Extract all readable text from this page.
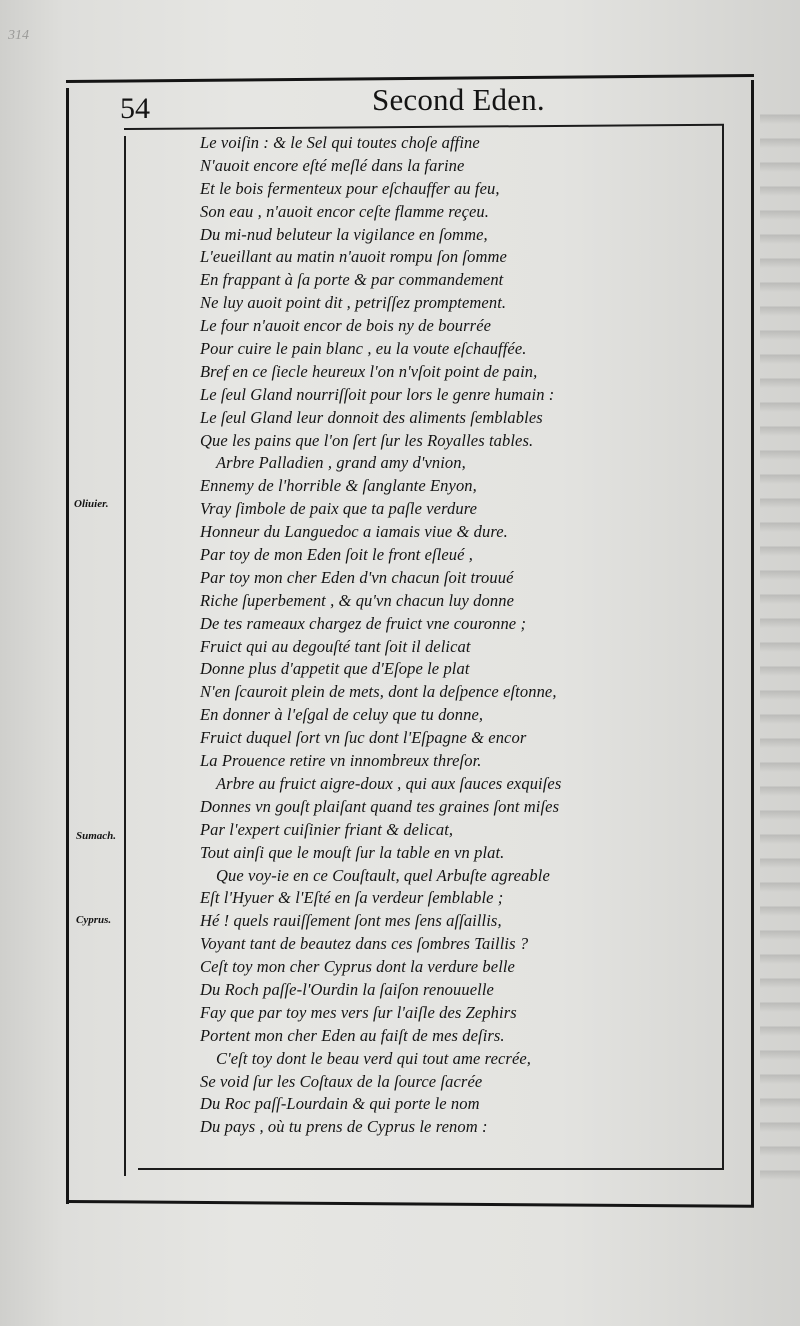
314
54	Second Eden.
Oliuier.
Sumach.
Cyprus.
Le voiſin : & le Sel qui toutes choſe affine
N'auoit encore eſté meſlé dans la farine
Et le bois fermenteux pour eſchauffer au feu,
Son eau , n'auoit encor ceſte flamme reçeu.
Du mi-nud beluteur la vigilance en ſomme,
L'eueillant au matin n'auoit rompu ſon ſomme
En frappant à ſa porte & par commandement
Ne luy auoit point dit , petriſſez promptement.
Le four n'auoit encor de bois ny de bourrée
Pour cuire le pain blanc , eu la voute eſchauffée.
Bref en ce ſiecle heureux l'on n'vſoit point de pain,
Le ſeul Gland nourriſſoit pour lors le genre humain :
Le ſeul Gland leur donnoit des aliments ſemblables
Que les pains que l'on ſert ſur les Royalles tables.
Arbre Palladien , grand amy d'vnion,
Ennemy de l'horrible & ſanglante Enyon,
Vray ſimbole de paix que ta paſle verdure
Honneur du Languedoc a iamais viue & dure.
Par toy de mon Eden ſoit le front eſleué ,
Par toy mon cher Eden d'vn chacun ſoit trouué
Riche ſuperbement , & qu'vn chacun luy donne
De tes rameaux chargez de fruict vne couronne ;
Fruict qui au degouſté tant ſoit il delicat
Donne plus d'appetit que d'Eſope le plat
N'en ſcauroit plein de mets, dont la deſpence eſtonne,
En donner à l'eſgal de celuy que tu donne,
Fruict duquel ſort vn ſuc dont l'Eſpagne & encor
La Prouence retire vn innombreux threſor.
Arbre au fruict aigre-doux , qui aux ſauces exquiſes
Donnes vn gouſt plaiſant quand tes graines ſont miſes
Par l'expert cuiſinier friant & delicat,
Tout ainſi que le mouſt ſur la table en vn plat.
Que voy-ie en ce Couſtault, quel Arbuſte agreable
Eſt l'Hyuer & l'Eſté en ſa verdeur ſemblable ;
Hé ! quels rauiſſement ſont mes ſens aſſaillis,
Voyant tant de beautez dans ces ſombres Taillis ?
Ceſt toy mon cher Cyprus dont la verdure belle
Du Roch paſſe-l'Ourdin la ſaiſon renouuelle
Fay que par toy mes vers ſur l'aiſle des Zephirs
Portent mon cher Eden au faiſt de mes deſirs.
C'eſt toy dont le beau verd qui tout ame recrée,
Se void ſur les Coſtaux de la ſource ſacrée
Du Roc paſſ-Lourdain & qui porte le nom
Du pays , où tu prens de Cyprus le renom :
